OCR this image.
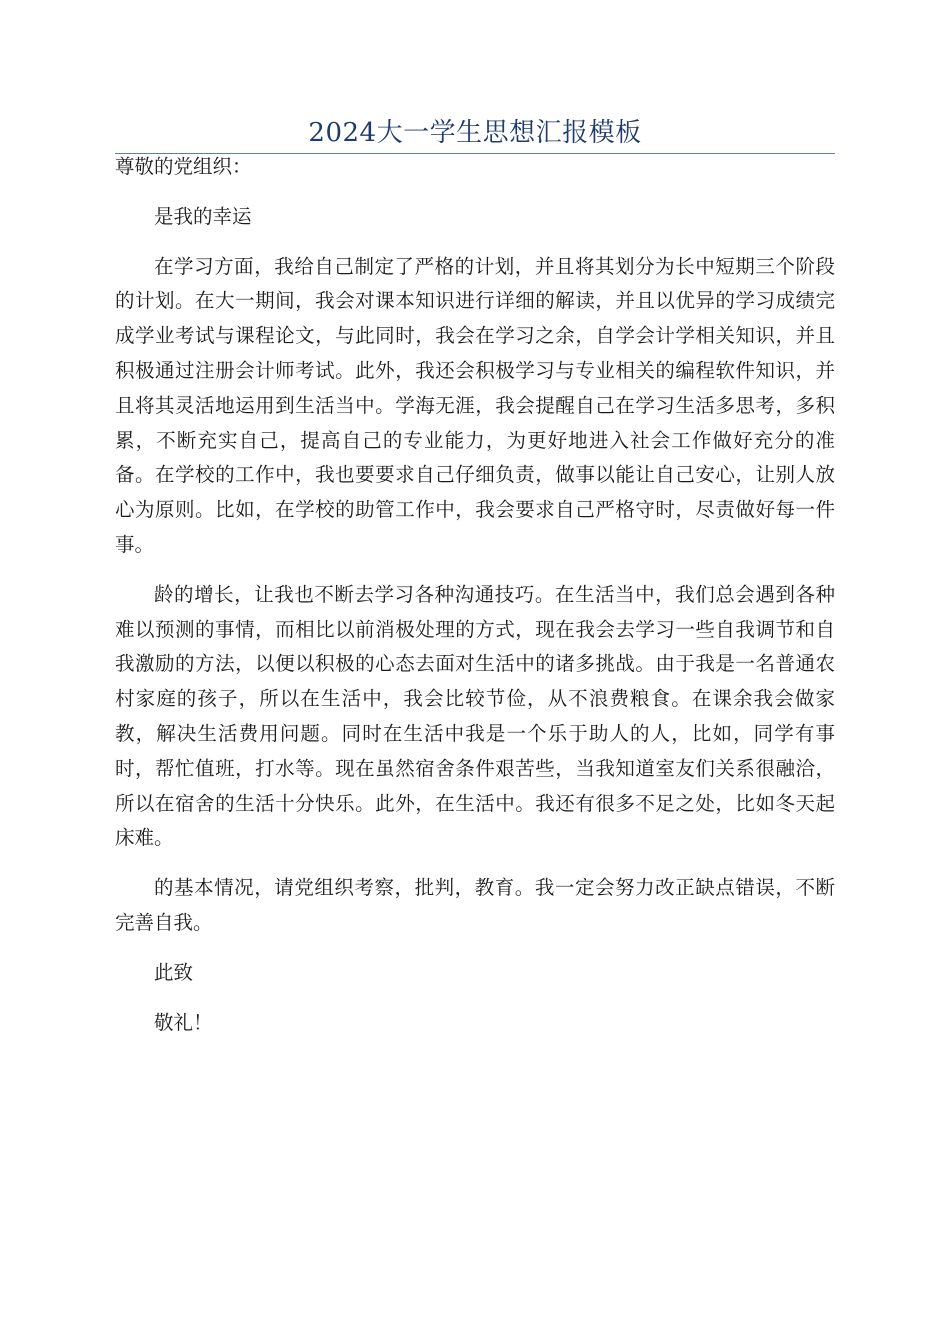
2024大一学生思想汇报模板

尊敬的党组织：

是我的幸运

在学习方面，我给自己制定了严格的计划，并且将其划分为长中短期三个阶段的计划。在大一期间，我会对课本知识进行详细的解读，并且以优异的学习成绩完成学业考试与课程论文，与此同时，我会在学习之余，自学会计学相关知识，并且积极通过注册会计师考试。此外，我还会积极学习与专业相关的编程软件知识，并且将其灵活地运用到生活当中。学海无涯，我会提醒自己在学习生活多思考，多积累，不断充实自己，提高自己的专业能力，为更好地进入社会工作做好充分的准备。在学校的工作中，我也要要求自己仔细负责，做事以能让自己安心，让别人放心为原则。比如，在学校的助管工作中，我会要求自己严格守时，尽责做好每一件事。

龄的增长，让我也不断去学习各种沟通技巧。在生活当中，我们总会遇到各种难以预测的事情，而相比以前消极处理的方式，现在我会去学习一些自我调节和自我激励的方法，以便以积极的心态去面对生活中的诸多挑战。由于我是一名普通农村家庭的孩子，所以在生活中，我会比较节俭，从不浪费粮食。在课余我会做家教，解决生活费用问题。同时在生活中我是一个乐于助人的人，比如，同学有事时，帮忙值班，打水等。现在虽然宿舍条件艰苦些，当我知道室友们关系很融洽，所以在宿舍的生活十分快乐。此外，在生活中。我还有很多不足之处，比如冬天起床难。

的基本情况，请党组织考察，批判，教育。我一定会努力改正缺点错误，不断完善自我。

此致

敬礼！
